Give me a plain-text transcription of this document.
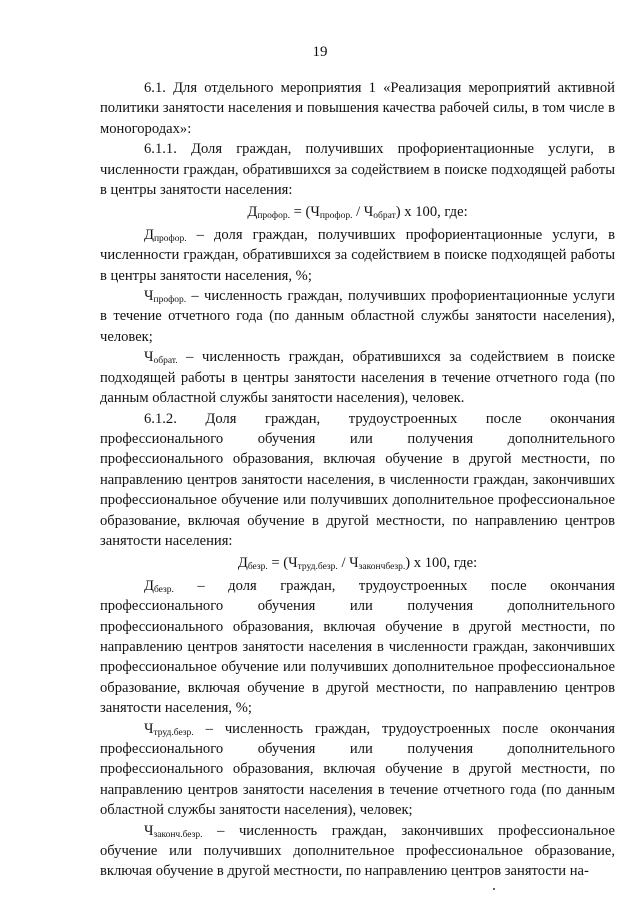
19

6.1. Для отдельного мероприятия 1 «Реализация мероприятий активной политики занятости населения и повышения качества рабочей силы, в том числе в моногородах»:

6.1.1. Доля граждан, получивших профориентационные услуги, в численности граждан, обратившихся за содействием в поиске подходящей работы в центры занятости населения:

$Д_{профор.} = (Ч_{профор.} / Ч_{обрат})$ х 100, где:

$Д_{профор.}$ – доля граждан, получивших профориентационные услуги, в численности граждан, обратившихся за содействием в поиске подходящей работы в центры занятости населения, %;

$Ч_{профор.}$ – численность граждан, получивших профориентационные услуги в течение отчетного года (по данным областной службы занятости населения), человек;

$Ч_{обрат.}$ – численность граждан, обратившихся за содействием в поиске подходящей работы в центры занятости населения в течение отчетного года (по данным областной службы занятости населения), человек.

6.1.2. Доля граждан, трудоустроенных после окончания

профессионального обучения или получения дополнительного профессионального образования, включая обучение в другой местности, по направлению центров занятости населения, в численности граждан, закончивших профессиональное обучение или получивших дополнительное профессиональное образование, включая обучение в другой местности, по направлению центров занятости населения:

$Д_{безр.} = (Ч_{труд.безр.} / Ч_{закончбезр.})$ х 100, где:

$Д_{безр.}$ – доля граждан, трудоустроенных после окончания профессионального обучения или получения дополнительного профессионального образования, включая обучение в другой местности, по направлению центров занятости населения в численности граждан, закончивших профессиональное обучение или получивших дополнительное профессиональное образование, включая обучение в другой местности, по направлению центров занятости населения, %;

$Ч_{труд.безр.}$ – численность граждан, трудоустроенных после окончания профессионального обучения или получения дополнительного профессионального образования, включая обучение в другой местности, по направлению центров занятости населения в течение отчетного года (по данным областной службы занятости населения), человек;

$Ч_{законч.безр.}$ – численность граждан, закончивших профессиональное обучение или получивших дополнительное профессиональное образование, включая обучение в другой местности, по направлению центров занятости на-
